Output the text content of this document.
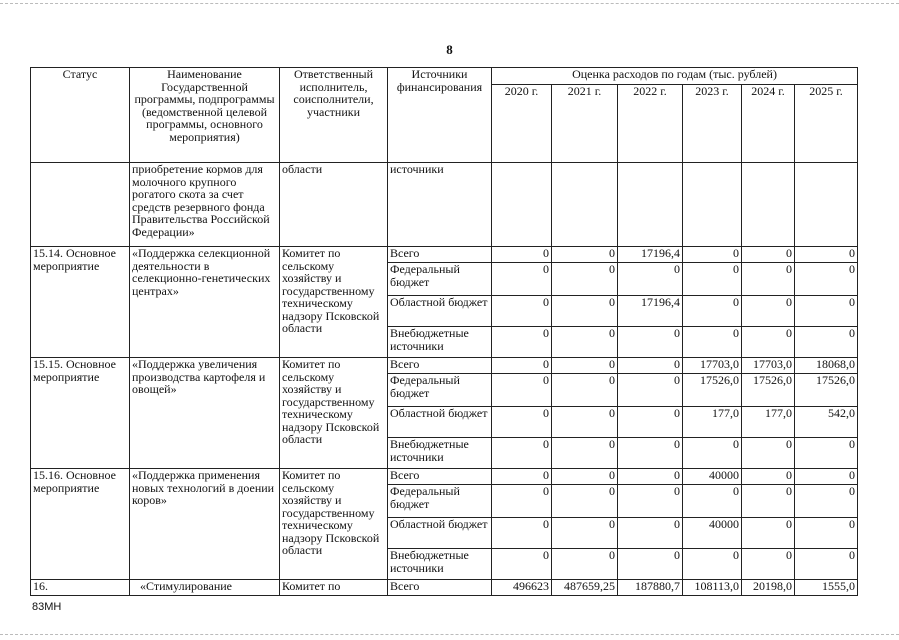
8
Статус	Наименование Государственной программы, подпрограммы (ведомственной целевой программы, основного мероприятия)	Ответственный исполнитель, соисполнители, участники	Источники финансирования	Оценка расходов по годам (тыс. рублей)					
				2020 г.	2021 г.	2022 г.	2023 г.	2024 г.	2025 г.
	приобретение кормов для молочного крупного рогатого скота за счет средств резервного фонда Правительства Российской Федерации»	области	источники						
15.14. Основное мероприятие	«Поддержка селекционной деятельности в селекционно-генетических центрах»	Комитет по сельскому хозяйству и государственному техническому надзору Псковской области	Всего	0	0	17196,4	0	0	0
			Федеральный бюджет	0	0	0	0	0	0
			Областной бюджет	0	0	17196,4	0	0	0
			Внебюджетные источники	0	0	0	0	0	0
15.15. Основное мероприятие	«Поддержка увеличения производства картофеля и овощей»	Комитет по сельскому хозяйству и государственному техническому надзору Псковской области	Всего	0	0	0	17703,0	17703,0	18068,0
			Федеральный бюджет	0	0	0	17526,0	17526,0	17526,0
			Областной бюджет	0	0	0	177,0	177,0	542,0
			Внебюджетные источники	0	0	0	0	0	0
15.16. Основное мероприятие	«Поддержка применения новых технологий в доении коров»	Комитет по сельскому хозяйству и государственному техническому надзору Псковской области	Всего	0	0	0	40000	0	0
			Федеральный бюджет	0	0	0	0	0	0
			Областной бюджет	0	0	0	40000	0	0
			Внебюджетные источники	0	0	0	0	0	0
16.	«Стимулирование	Комитет по	Всего	496623	487659,25	187880,7	108113,0	20198,0	1555,0
83МН
